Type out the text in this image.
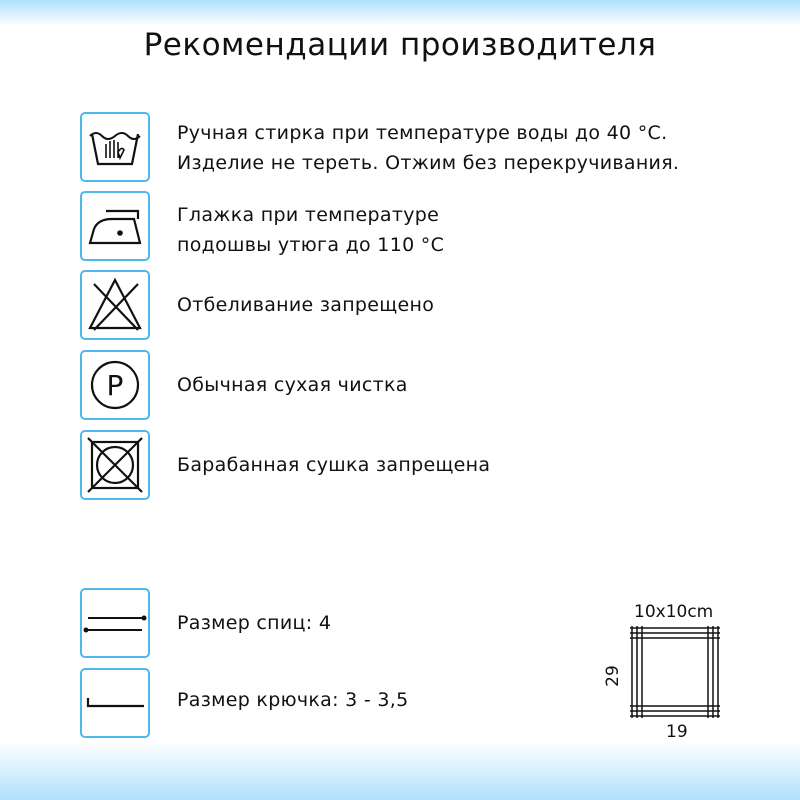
Рекомендации производителя
Ручная стирка при температуре воды до 40 °С.
Изделие не тереть. Отжим без перекручивания.
Глажка при температуре
подошвы утюга до 110 °С
Отбеливание запрещено
P	Обычная сухая чистка
Барабанная сушка запрещена
Размер спиц: 4
Размер крючка: 3 - 3,5
10x10cm
29
19
